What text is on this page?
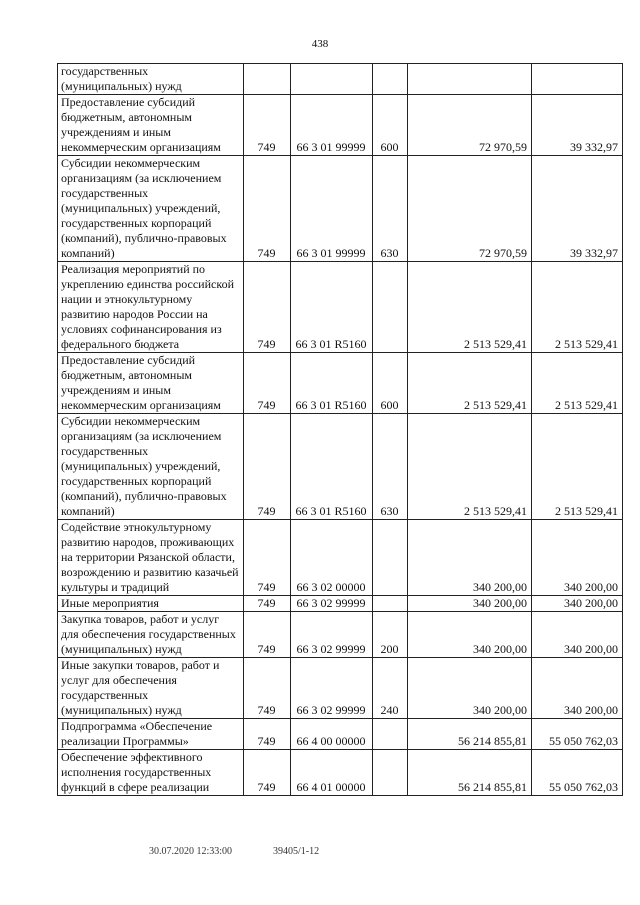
438
государственных (муниципальных) нужд					
Предоставление субсидий бюджетным, автономным учреждениям и иным некоммерческим организациям	749	66 3 01 99999	600	72 970,59	39 332,97
Субсидии некоммерческим организациям (за исключением государственных (муниципальных) учреждений, государственных корпораций (компаний), публично-правовых компаний)	749	66 3 01 99999	630	72 970,59	39 332,97
Реализация мероприятий по укреплению единства российской нации и этнокультурному развитию народов России на условиях софинансирования из федерального бюджета	749	66 3 01 R5160		2 513 529,41	2 513 529,41
Предоставление субсидий бюджетным, автономным учреждениям и иным некоммерческим организациям	749	66 3 01 R5160	600	2 513 529,41	2 513 529,41
Субсидии некоммерческим организациям (за исключением государственных (муниципальных) учреждений, государственных корпораций (компаний), публично-правовых компаний)	749	66 3 01 R5160	630	2 513 529,41	2 513 529,41
Содействие этнокультурному развитию народов, проживающих на территории Рязанской области, возрождению и развитию казачьей культуры и традиций	749	66 3 02 00000		340 200,00	340 200,00
Иные мероприятия	749	66 3 02 99999		340 200,00	340 200,00
Закупка товаров, работ и услуг для обеспечения государственных (муниципальных) нужд	749	66 3 02 99999	200	340 200,00	340 200,00
Иные закупки товаров, работ и услуг для обеспечения государственных (муниципальных) нужд	749	66 3 02 99999	240	340 200,00	340 200,00
Подпрограмма «Обеспечение реализации Программы»	749	66 4 00 00000		56 214 855,81	55 050 762,03
Обеспечение эффективного исполнения государственных функций в сфере реализации	749	66 4 01 00000		56 214 855,81	55 050 762,03
30.07.2020 12:33:00	39405/1-12
